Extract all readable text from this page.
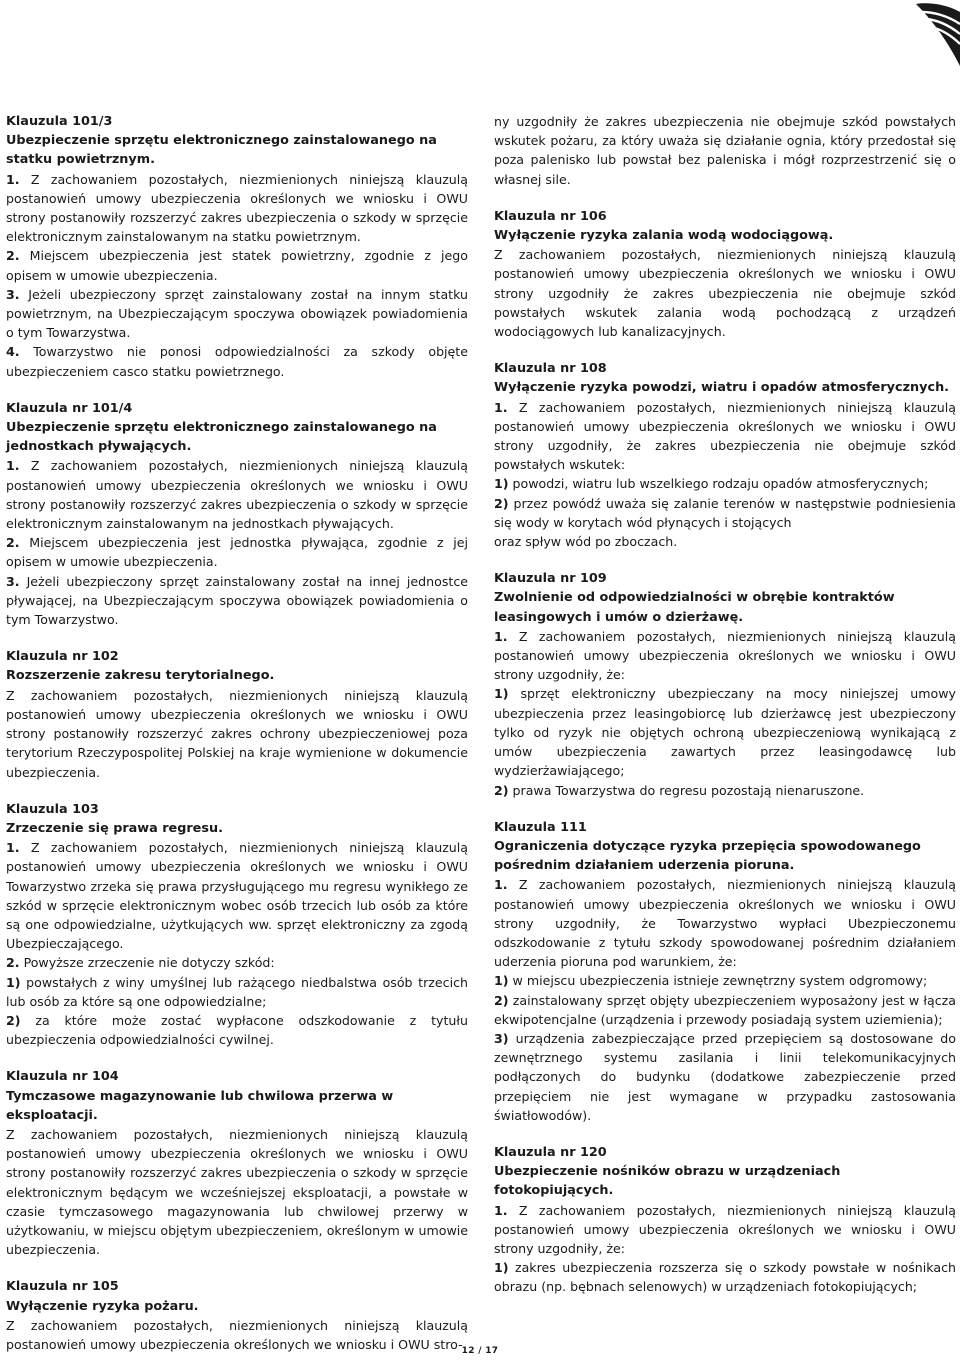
Klauzula 101/3
Ubezpieczenie sprzętu elektronicznego zainstalowanego na statku powietrznym.

1. Z zachowaniem pozostałych, niezmienionych niniejszą klauzulą postanowień umowy ubezpieczenia określonych we wniosku i OWU strony postanowiły rozszerzyć zakres ubezpieczenia o szkody w sprzęcie elektronicznym zainstalowanym na statku powietrznym.

2. Miejscem ubezpieczenia jest statek powietrzny, zgodnie z jego opisem w umowie ubezpieczenia.

3. Jeżeli ubezpieczony sprzęt zainstalowany został na innym statku powietrznym, na Ubezpieczającym spoczywa obowiązek powiadomienia o tym Towarzystwa.

4. Towarzystwo nie ponosi odpowiedzialności za szkody objęte ubezpieczeniem casco statku powietrznego.

Klauzula nr 101/4
Ubezpieczenie sprzętu elektronicznego zainstalowanego na jednostkach pływających.

1. Z zachowaniem pozostałych, niezmienionych niniejszą klauzulą postanowień umowy ubezpieczenia określonych we wniosku i OWU strony postanowiły rozszerzyć zakres ubezpieczenia o szkody w sprzęcie elektronicznym zainstalowanym na jednostkach pływających.

2. Miejscem ubezpieczenia jest jednostka pływająca, zgodnie z jej opisem w umowie ubezpieczenia.

3. Jeżeli ubezpieczony sprzęt zainstalowany został na innej jednostce pływającej, na Ubezpieczającym spoczywa obowiązek powiadomienia o tym Towarzystwo.

Klauzula nr 102
Rozszerzenie zakresu terytorialnego.

Z zachowaniem pozostałych, niezmienionych niniejszą klauzulą postanowień umowy ubezpieczenia określonych we wniosku i OWU strony postanowiły rozszerzyć zakres ochrony ubezpieczeniowej poza terytorium Rzeczypospolitej Polskiej na kraje wymienione w dokumencie ubezpieczenia.

Klauzula 103
Zrzeczenie się prawa regresu.

1. Z zachowaniem pozostałych, niezmienionych niniejszą klauzulą postanowień umowy ubezpieczenia określonych we wniosku i OWU Towarzystwo zrzeka się prawa przysługującego mu regresu wynikłego ze szkód w sprzęcie elektronicznym wobec osób trzecich lub osób za które są one odpowiedzialne, użytkujących ww. sprzęt elektroniczny za zgodą Ubezpieczającego.

2. Powyższe zrzeczenie nie dotyczy szkód:

1) powstałych z winy umyślnej lub rażącego niedbalstwa osób trzecich lub osób za które są one odpowiedzialne;

2) za które może zostać wypłacone odszkodowanie z tytułu ubezpieczenia odpowiedzialności cywilnej.

Klauzula nr 104
Tymczasowe magazynowanie lub chwilowa przerwa w eksploatacji.

Z zachowaniem pozostałych, niezmienionych niniejszą klauzulą postanowień umowy ubezpieczenia określonych we wniosku i OWU strony postanowiły rozszerzyć zakres ubezpieczenia o szkody w sprzęcie elektronicznym będącym we wcześniejszej eksploatacji, a powstałe w czasie tymczasowego magazynowania lub chwilowej przerwy w użytkowaniu, w miejscu objętym ubezpieczeniem, określonym w umowie ubezpieczenia.

Klauzula nr 105
Wyłączenie ryzyka pożaru.

Z zachowaniem pozostałych, niezmienionych niniejszą klauzulą postanowień umowy ubezpieczenia określonych we wniosku i OWU stro-

ny uzgodniły że zakres ubezpieczenia nie obejmuje szkód powstałych wskutek pożaru, za który uważa się działanie ognia, który przedostał się poza palenisko lub powstał bez paleniska i mógł rozprzestrzenić się o własnej sile.

Klauzula nr 106
Wyłączenie ryzyka zalania wodą wodociągową.

Z zachowaniem pozostałych, niezmienionych niniejszą klauzulą postanowień umowy ubezpieczenia określonych we wniosku i OWU strony uzgodniły że zakres ubezpieczenia nie obejmuje szkód powstałych wskutek zalania wodą pochodzącą z urządzeń wodociągowych lub kanalizacyjnych.

Klauzula nr 108
Wyłączenie ryzyka powodzi, wiatru i opadów atmosferycznych.

1. Z zachowaniem pozostałych, niezmienionych niniejszą klauzulą postanowień umowy ubezpieczenia określonych we wniosku i OWU strony uzgodniły, że zakres ubezpieczenia nie obejmuje szkód powstałych wskutek:

1) powodzi, wiatru lub wszelkiego rodzaju opadów atmosferycznych;

2) przez powódź uważa się zalanie terenów w następstwie podniesienia się wody w korytach wód płynących i stojących

oraz spływ wód po zboczach.

Klauzula nr 109
Zwolnienie od odpowiedzialności w obrębie kontraktów leasingowych i umów o dzierżawę.

1. Z zachowaniem pozostałych, niezmienionych niniejszą klauzulą postanowień umowy ubezpieczenia określonych we wniosku i OWU strony uzgodniły, że:

1) sprzęt elektroniczny ubezpieczany na mocy niniejszej umowy ubezpieczenia przez leasingobiorcę lub dzierżawcę jest ubezpieczony tylko od ryzyk nie objętych ochroną ubezpieczeniową wynikającą z umów ubezpieczenia zawartych przez leasingodawcę lub wydzierżawiającego;

2) prawa Towarzystwa do regresu pozostają nienaruszone.

Klauzula 111
Ograniczenia dotyczące ryzyka przepięcia spowodowanego pośrednim działaniem uderzenia pioruna.

1. Z zachowaniem pozostałych, niezmienionych niniejszą klauzulą postanowień umowy ubezpieczenia określonych we wniosku i OWU strony uzgodniły, że Towarzystwo wypłaci Ubezpieczonemu odszkodowanie z tytułu szkody spowodowanej pośrednim działaniem uderzenia pioruna pod warunkiem, że:

1) w miejscu ubezpieczenia istnieje zewnętrzny system odgromowy;

2) zainstalowany sprzęt objęty ubezpieczeniem wyposażony jest w łącza ekwipotencjalne (urządzenia i przewody posiadają system uziemienia);

3) urządzenia zabezpieczające przed przepięciem są dostosowane do zewnętrznego systemu zasilania i linii telekomunikacyjnych podłączonych do budynku (dodatkowe zabezpieczenie przed przepięciem nie jest wymagane w przypadku zastosowania światłowodów).

Klauzula nr 120
Ubezpieczenie nośników obrazu w urządzeniach fotokopiujących.

1. Z zachowaniem pozostałych, niezmienionych niniejszą klauzulą postanowień umowy ubezpieczenia określonych we wniosku i OWU strony uzgodniły, że:

1) zakres ubezpieczenia rozszerza się o szkody powstałe w nośnikach obrazu (np. bębnach selenowych) w urządzeniach fotokopiujących;

12 / 17
